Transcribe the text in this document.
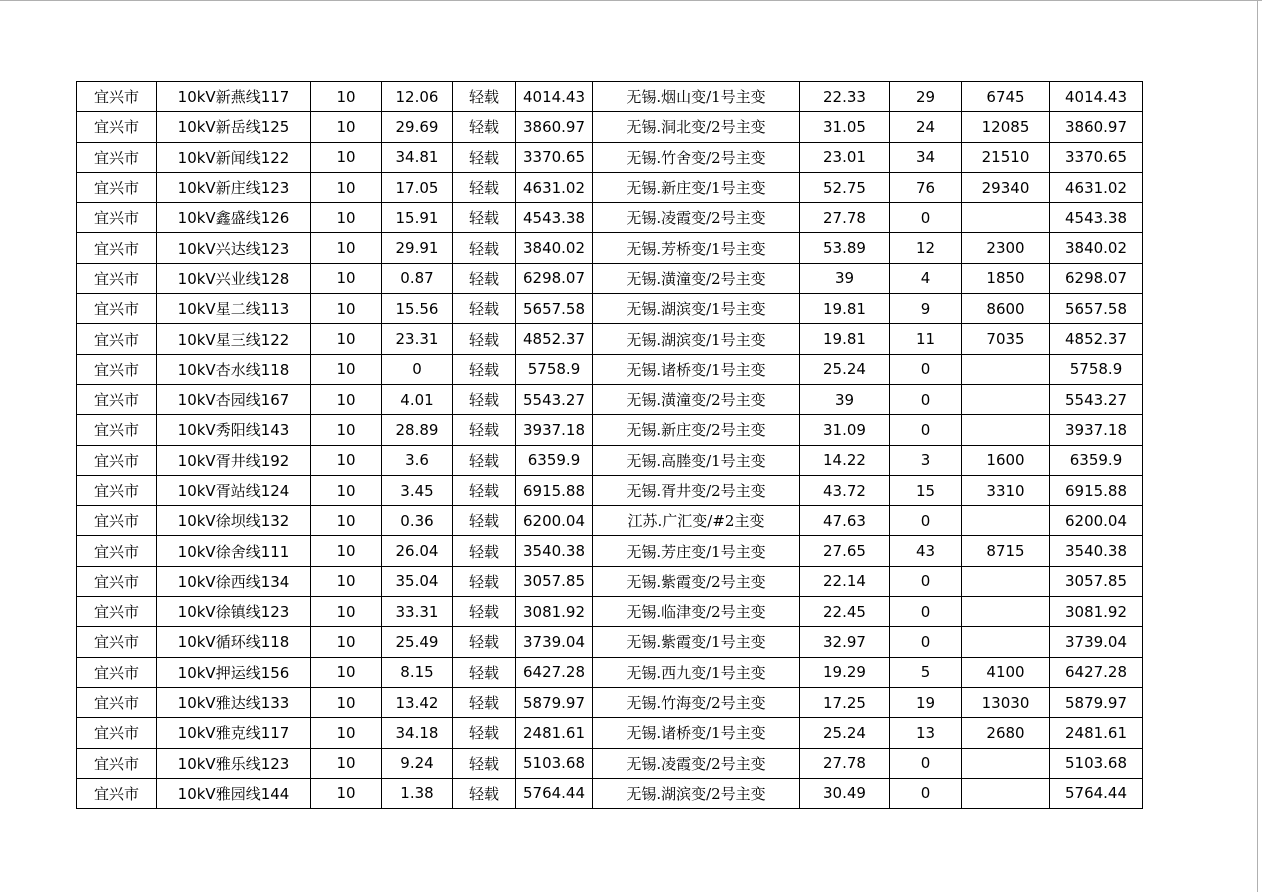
宜兴市	10kV新燕线117	10	12.06	轻载	4014.43	无锡.烟山变/1号主变	22.33	29	6745	4014.43
宜兴市	10kV新岳线125	10	29.69	轻载	3860.97	无锡.洞北变/2号主变	31.05	24	12085	3860.97
宜兴市	10kV新闻线122	10	34.81	轻载	3370.65	无锡.竹舍变/2号主变	23.01	34	21510	3370.65
宜兴市	10kV新庄线123	10	17.05	轻载	4631.02	无锡.新庄变/1号主变	52.75	76	29340	4631.02
宜兴市	10kV鑫盛线126	10	15.91	轻载	4543.38	无锡.凌霞变/2号主变	27.78	0		4543.38
宜兴市	10kV兴达线123	10	29.91	轻载	3840.02	无锡.芳桥变/1号主变	53.89	12	2300	3840.02
宜兴市	10kV兴业线128	10	0.87	轻载	6298.07	无锡.潢潼变/2号主变	39	4	1850	6298.07
宜兴市	10kV星二线113	10	15.56	轻载	5657.58	无锡.湖滨变/1号主变	19.81	9	8600	5657.58
宜兴市	10kV星三线122	10	23.31	轻载	4852.37	无锡.湖滨变/1号主变	19.81	11	7035	4852.37
宜兴市	10kV杏水线118	10	0	轻载	5758.9	无锡.诸桥变/1号主变	25.24	0		5758.9
宜兴市	10kV杏园线167	10	4.01	轻载	5543.27	无锡.潢潼变/2号主变	39	0		5543.27
宜兴市	10kV秀阳线143	10	28.89	轻载	3937.18	无锡.新庄变/2号主变	31.09	0		3937.18
宜兴市	10kV胥井线192	10	3.6	轻载	6359.9	无锡.高塍变/1号主变	14.22	3	1600	6359.9
宜兴市	10kV胥站线124	10	3.45	轻载	6915.88	无锡.胥井变/2号主变	43.72	15	3310	6915.88
宜兴市	10kV徐坝线132	10	0.36	轻载	6200.04	江苏.广汇变/#2主变	47.63	0		6200.04
宜兴市	10kV徐舍线111	10	26.04	轻载	3540.38	无锡.芳庄变/1号主变	27.65	43	8715	3540.38
宜兴市	10kV徐西线134	10	35.04	轻载	3057.85	无锡.紫霞变/2号主变	22.14	0		3057.85
宜兴市	10kV徐镇线123	10	33.31	轻载	3081.92	无锡.临津变/2号主变	22.45	0		3081.92
宜兴市	10kV循环线118	10	25.49	轻载	3739.04	无锡.紫霞变/1号主变	32.97	0		3739.04
宜兴市	10kV押运线156	10	8.15	轻载	6427.28	无锡.西九变/1号主变	19.29	5	4100	6427.28
宜兴市	10kV雅达线133	10	13.42	轻载	5879.97	无锡.竹海变/2号主变	17.25	19	13030	5879.97
宜兴市	10kV雅克线117	10	34.18	轻载	2481.61	无锡.诸桥变/1号主变	25.24	13	2680	2481.61
宜兴市	10kV雅乐线123	10	9.24	轻载	5103.68	无锡.凌霞变/2号主变	27.78	0		5103.68
宜兴市	10kV雅园线144	10	1.38	轻载	5764.44	无锡.湖滨变/2号主变	30.49	0		5764.44
